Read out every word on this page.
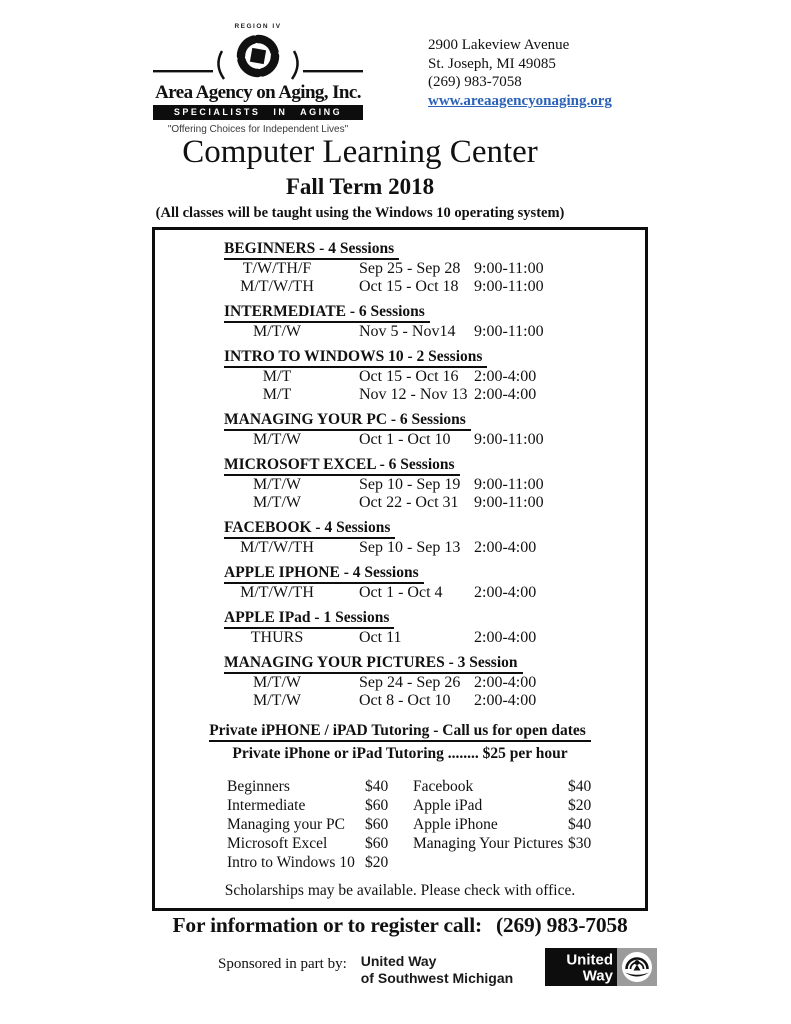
REGION IV
Area Agency on Aging, Inc.
SPECIALISTS IN AGING
"Offering Choices for Independent Lives"
2900 Lakeview Avenue
St. Joseph, MI 49085
(269) 983-7058
www.areaagencyonaging.org
Computer Learning Center
Fall Term 2018
(All classes will be taught using the Windows 10 operating system)
BEGINNERS - 4 Sessions
T/W/TH/F	Sep 25 - Sep 28 9:00-11:00
M/T/W/TH	Oct 15 - Oct 18 9:00-11:00
INTERMEDIATE - 6 Sessions
M/T/W	Nov 5 - Nov14	9:00-11:00
INTRO TO WINDOWS 10 - 2 Sessions
M/T	Oct 15 - Oct 16 2:00-4:00
M/T	Nov 12 - Nov 13 2:00-4:00
MANAGING YOUR PC - 6 Sessions
M/T/W	Oct 1 - Oct 10	9:00-11:00
MICROSOFT EXCEL - 6 Sessions
M/T/W	Sep 10 - Sep 19 9:00-11:00
M/T/W	Oct 22 - Oct 31 9:00-11:00
FACEBOOK - 4 Sessions
M/T/W/TH	Sep 10 - Sep 13 2:00-4:00
APPLE IPHONE - 4 Sessions
M/T/W/TH	Oct 1 - Oct 4	2:00-4:00
APPLE IPad - 1 Sessions
THURS	Oct 11	2:00-4:00
MANAGING YOUR PICTURES - 3 Session
M/T/W	Sep 24 - Sep 26 2:00-4:00
M/T/W	Oct 8 - Oct 10	2:00-4:00
Private iPHONE / iPAD Tutoring - Call us for open dates
Private iPhone or iPad Tutoring ........ $25 per hour
Beginners	$40	Facebook	$40
Intermediate	$60	Apple iPad	$20
Managing your PC	$60	Apple iPhone	$40
Microsoft Excel	$60	Managing Your Pictures $30
Intro to Windows 10 $20
Scholarships may be available. Please check with office.
For information or to register call: (269) 983-7058
Sponsored in part by: United Way
of Southwest Michigan
United
Way
